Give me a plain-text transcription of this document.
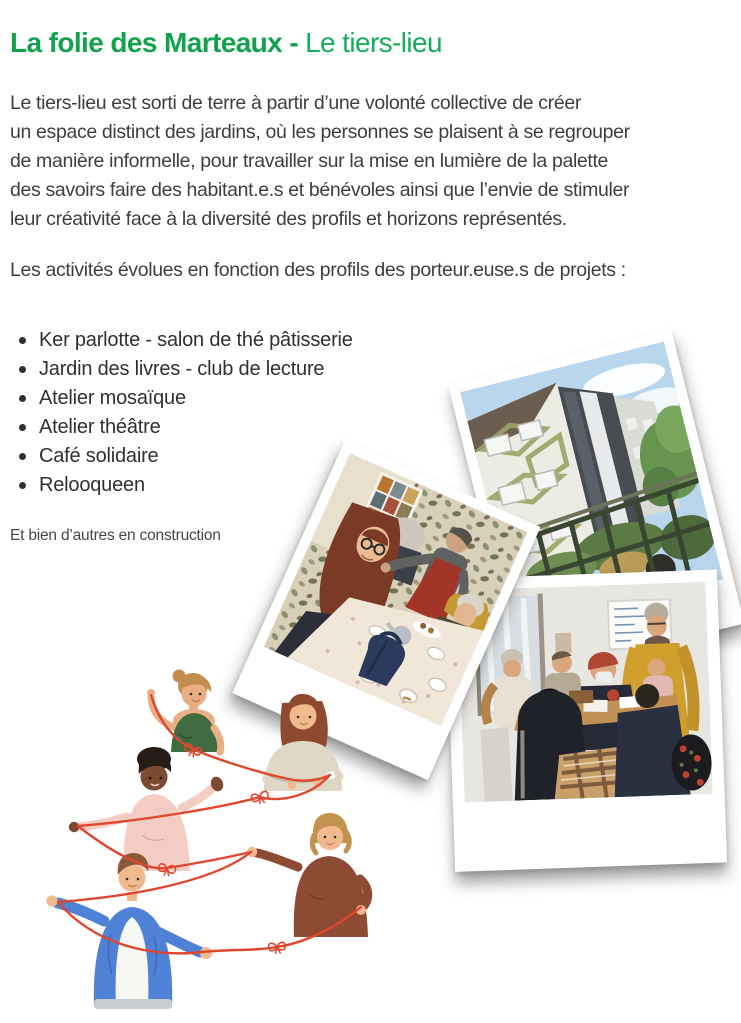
La folie des Marteaux - Le tiers-lieu
Le tiers-lieu est sorti de terre à partir d’une volonté collective de créer
un espace distinct des jardins, où les personnes se plaisent à se regrouper
de manière informelle, pour travailler sur la mise en lumière de la palette
des savoirs faire des habitant.e.s et bénévoles ainsi que l’envie de stimuler
leur créativité face à la diversité des profils et horizons représentés.
Les activités évolues en fonction des profils des porteur.euse.s de projets :
Ker parlotte - salon de thé pâtisserie
Jardin des livres - club de lecture
Atelier mosaïque
Atelier théâtre
Café solidaire
Relooqueen
Et bien d’autres en construction
